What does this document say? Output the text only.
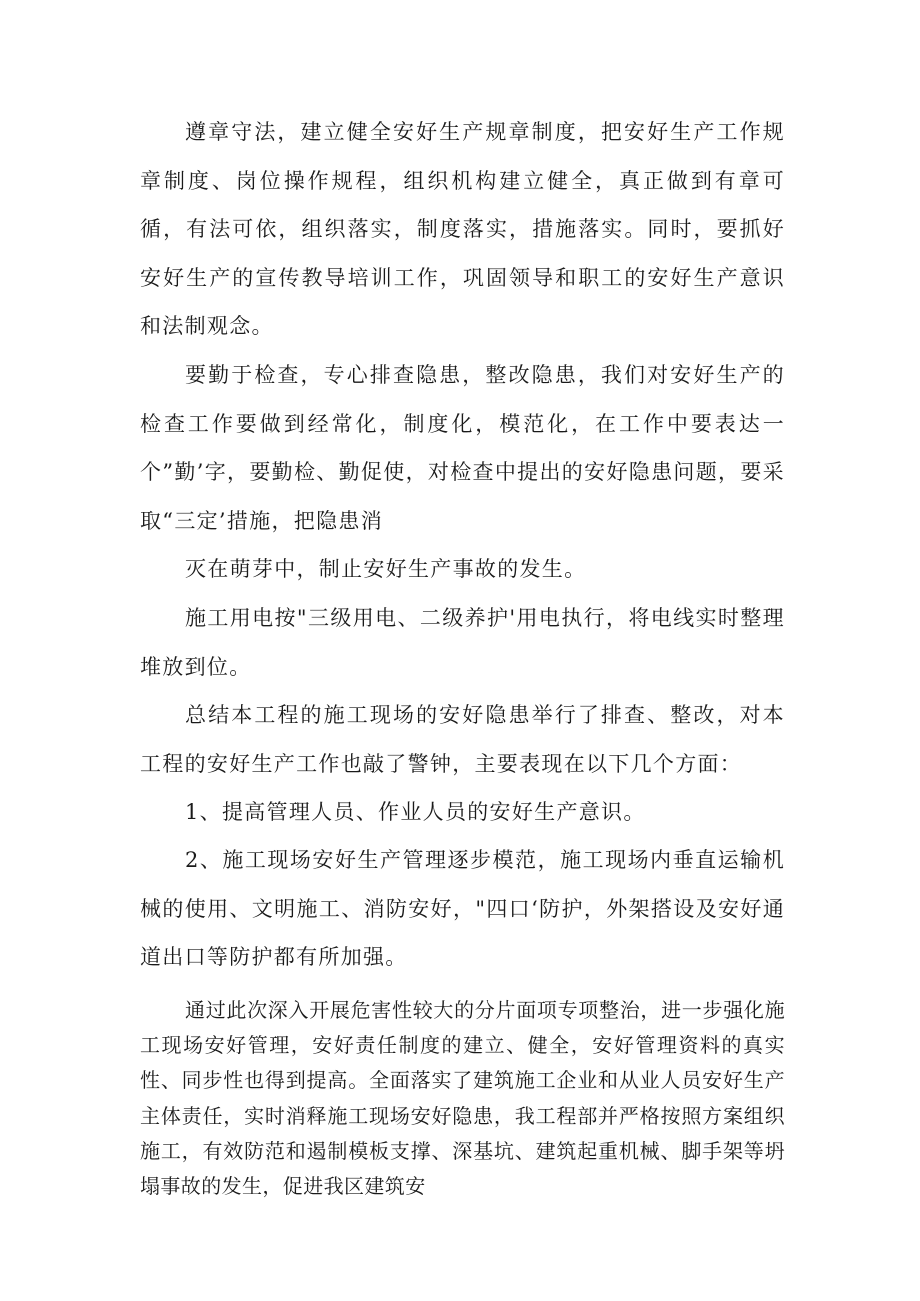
遵章守法，建立健全安好生产规章制度，把安好生产工作规章制度、岗位操作规程，组织机构建立健全，真正做到有章可循，有法可依，组织落实，制度落实，措施落实。同时，要抓好安好生产的宣传教导培训工作，巩固领导和职工的安好生产意识和法制观念。

要勤于检查，专心排查隐患，整改隐患，我们对安好生产的检查工作要做到经常化，制度化，模范化，在工作中要表达一个”勤’字，要勤检、勤促使，对检查中提出的安好隐患问题，要采取“三定’措施，把隐患消

灭在萌芽中，制止安好生产事故的发生。

施工用电按"三级用电、二级养护'用电执行，将电线实时整理堆放到位。

总结本工程的施工现场的安好隐患举行了排查、整改，对本工程的安好生产工作也敲了警钟，主要表现在以下几个方面：

1、提高管理人员、作业人员的安好生产意识。

2、施工现场安好生产管理逐步模范，施工现场内垂直运输机械的使用、文明施工、消防安好，"四口‘防护，外架搭设及安好通道出口等防护都有所加强。

通过此次深入开展危害性较大的分片面项专项整治，进一步强化施工现场安好管理，安好责任制度的建立、健全，安好管理资料的真实性、同步性也得到提高。全面落实了建筑施工企业和从业人员安好生产主体责任，实时消释施工现场安好隐患，我工程部并严格按照方案组织施工，有效防范和遏制模板支撑、深基坑、建筑起重机械、脚手架等坍塌事故的发生，促进我区建筑安
